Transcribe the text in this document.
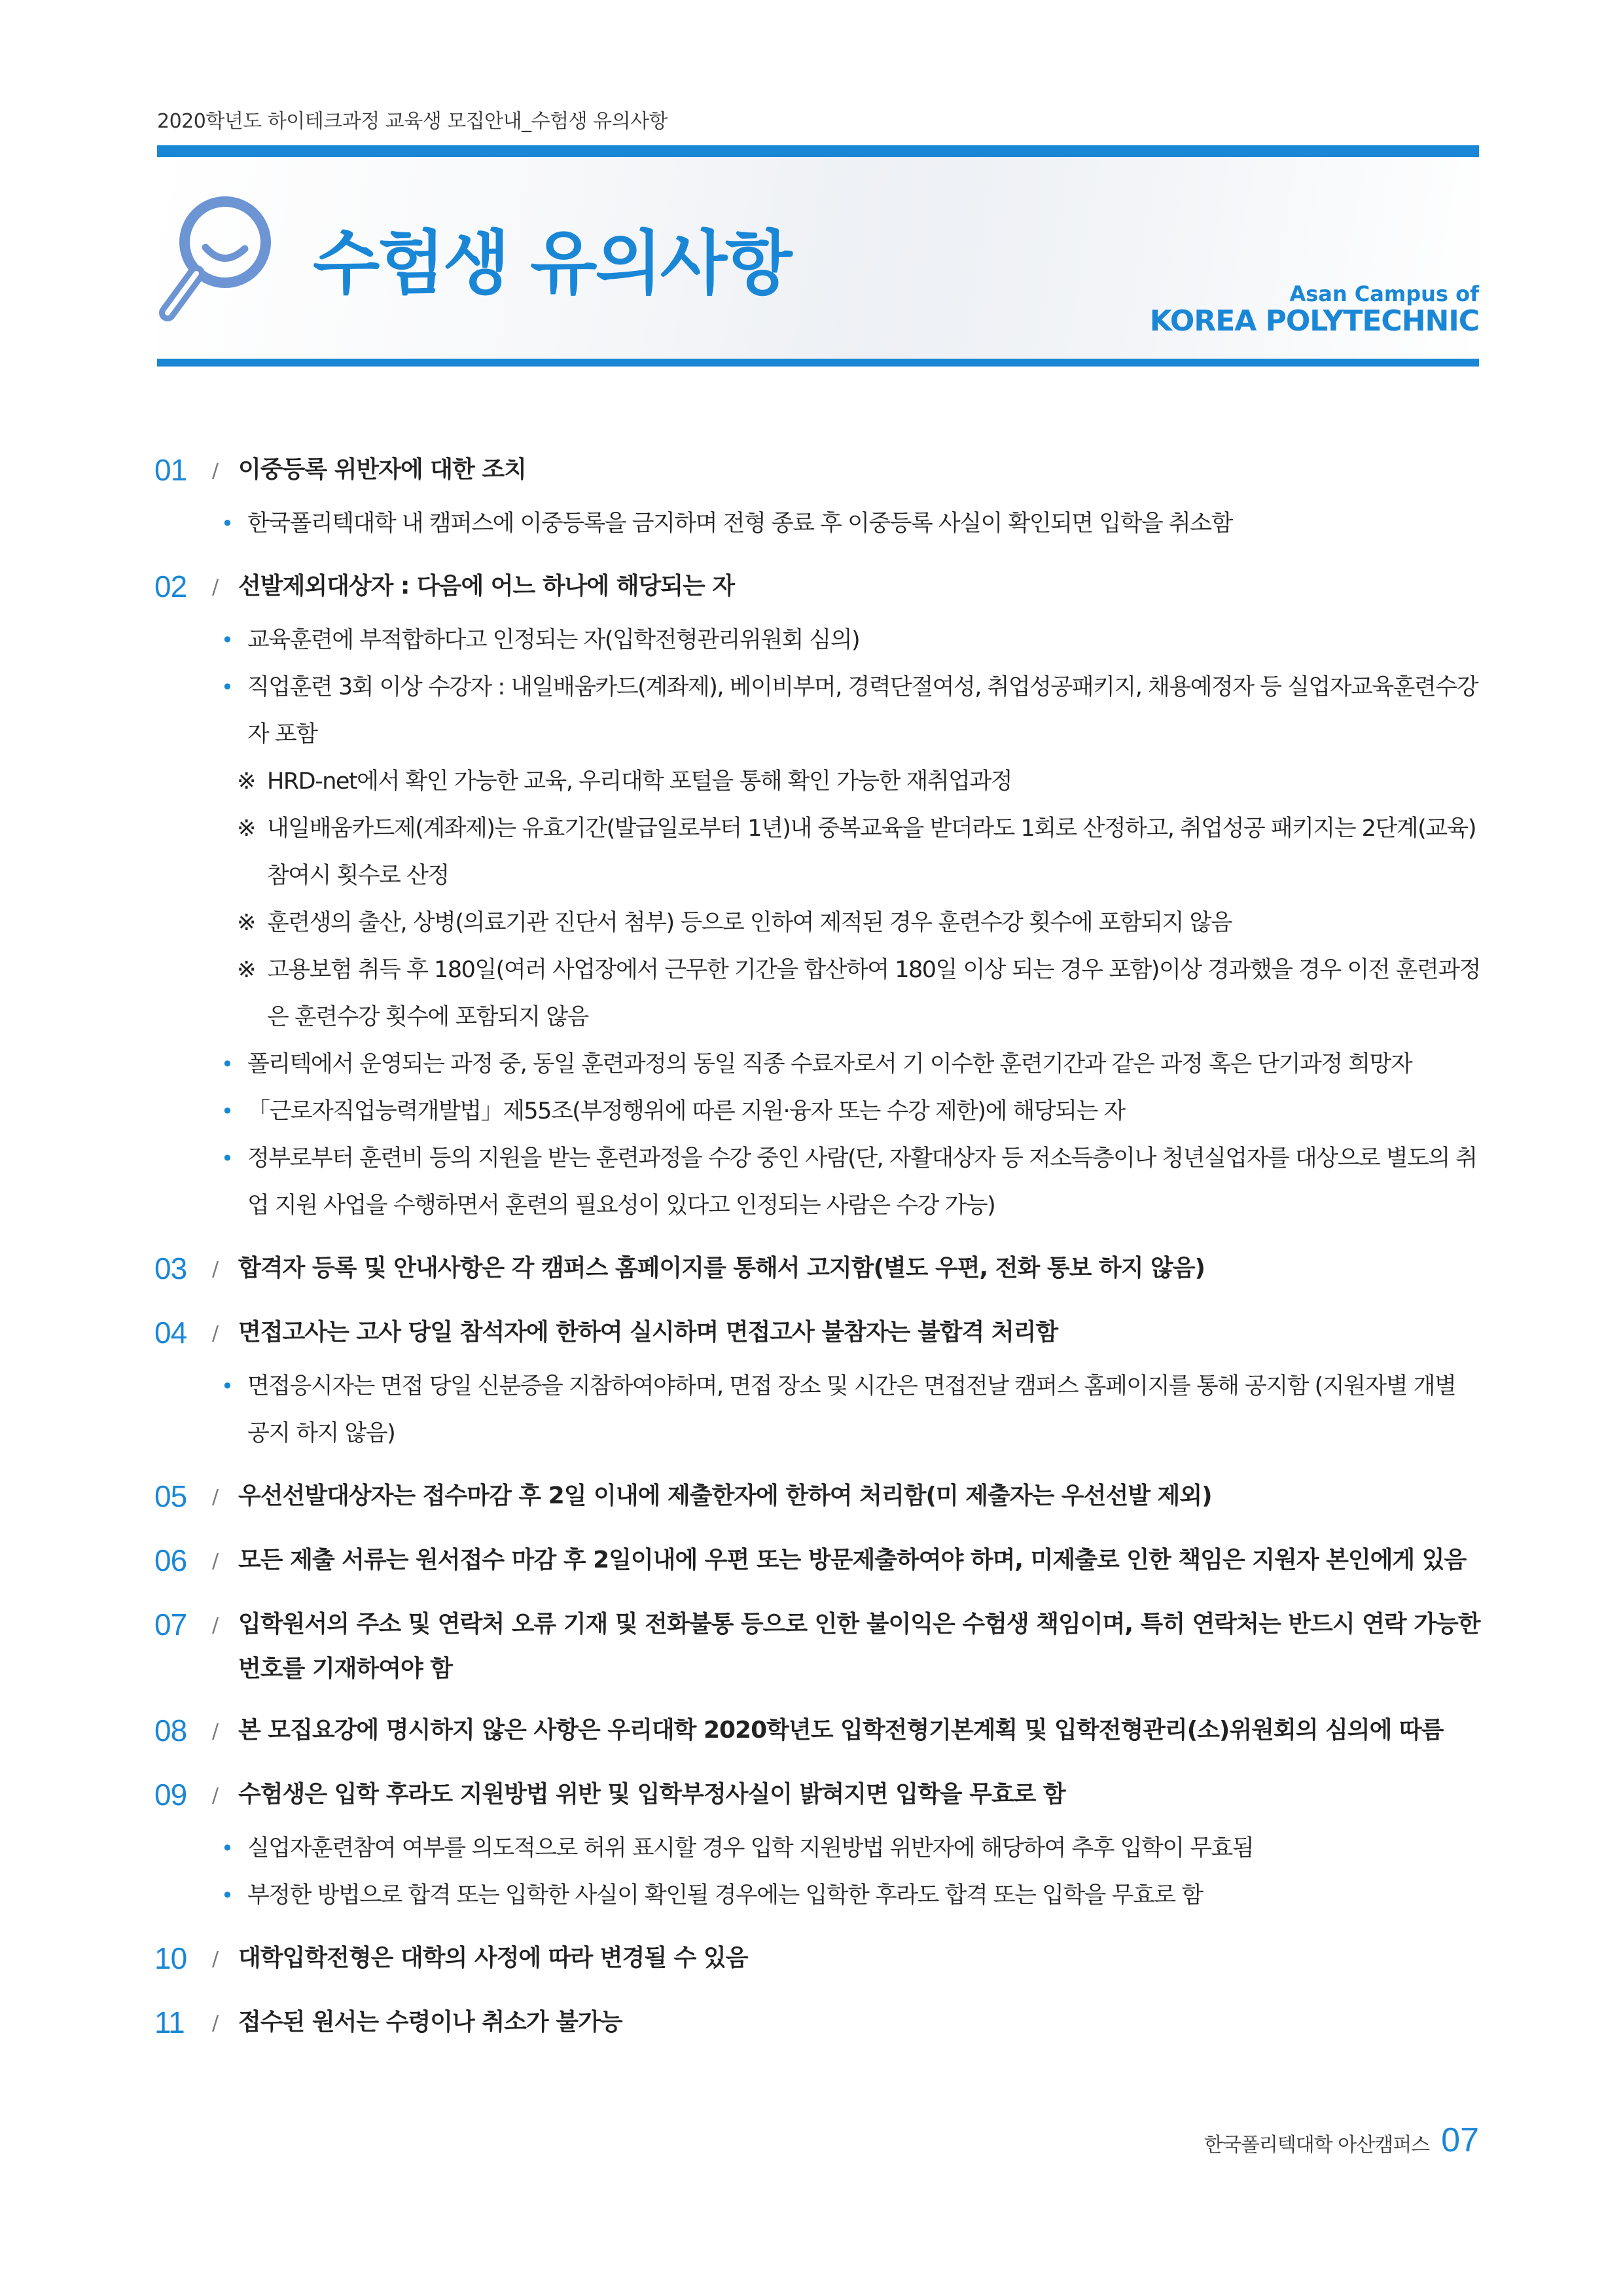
2020학년도 하이테크과정 교육생 모집안내_수험생 유의사항
수험생 유의사항	Asan Campus of
KOREA POLYTECHNIC
01	/ 이중등록 위반자에 대한 조치
• 한국폴리텍대학 내 캠퍼스에 이중등록을 금지하며 전형 종료 후 이중등록 사실이 확인되면 입학을 취소함
02	/ 선발제외대상자 : 다음에 어느 하나에 해당되는 자
• 교육훈련에 부적합하다고 인정되는 자(입학전형관리위원회 심의)
• 직업훈련 3회 이상 수강자 : 내일배움카드(계좌제), 베이비부머, 경력단절여성, 취업성공패키지, 채용예정자 등 실업자교육훈련수강자 포함
※ HRD-net에서 확인 가능한 교육, 우리대학 포털을 통해 확인 가능한 재취업과정
※ 내일배움카드제(계좌제)는 유효기간(발급일로부터 1년)내 중복교육을 받더라도 1회로 산정하고, 취업성공 패키지는 2단계(교육)참여시 횟수로 산정
※ 훈련생의 출산, 상병(의료기관 진단서 첨부) 등으로 인하여 제적된 경우 훈련수강 횟수에 포함되지 않음
※ 고용보험 취득 후 180일(여러 사업장에서 근무한 기간을 합산하여 180일 이상 되는 경우 포함)이상 경과했을 경우 이전 훈련과정은 훈련수강 횟수에 포함되지 않음
• 폴리텍에서 운영되는 과정 중, 동일 훈련과정의 동일 직종 수료자로서 기 이수한 훈련기간과 같은 과정 혹은 단기과정 희망자
• 「근로자직업능력개발법」제55조(부정행위에 따른 지원·융자 또는 수강 제한)에 해당되는 자
• 정부로부터 훈련비 등의 지원을 받는 훈련과정을 수강 중인 사람(단, 자활대상자 등 저소득층이나 청년실업자를 대상으로 별도의 취업 지원 사업을 수행하면서 훈련의 필요성이 있다고 인정되는 사람은 수강 가능)
03	/ 합격자 등록 및 안내사항은 각 캠퍼스 홈페이지를 통해서 고지함(별도 우편, 전화 통보 하지 않음)
04	/ 면접고사는 고사 당일 참석자에 한하여 실시하며 면접고사 불참자는 불합격 처리함
• 면접응시자는 면접 당일 신분증을 지참하여야하며, 면접 장소 및 시간은 면접전날 캠퍼스 홈페이지를 통해 공지함 (지원자별 개별 공지 하지 않음)
05	/ 우선선발대상자는 접수마감 후 2일 이내에 제출한자에 한하여 처리함(미 제출자는 우선선발 제외)
06	/ 모든 제출 서류는 원서접수 마감 후 2일이내에 우편 또는 방문제출하여야 하며, 미제출로 인한 책임은 지원자 본인에게 있음
07	/ 입학원서의 주소 및 연락처 오류 기재 및 전화불통 등으로 인한 불이익은 수험생 책임이며, 특히 연락처는 반드시 연락 가능한 번호를 기재하여야 함
08	/ 본 모집요강에 명시하지 않은 사항은 우리대학 2020학년도 입학전형기본계획 및 입학전형관리(소)위원회의 심의에 따름
09	/ 수험생은 입학 후라도 지원방법 위반 및 입학부정사실이 밝혀지면 입학을 무효로 함
• 실업자훈련참여 여부를 의도적으로 허위 표시할 경우 입학 지원방법 위반자에 해당하여 추후 입학이 무효됨
• 부정한 방법으로 합격 또는 입학한 사실이 확인될 경우에는 입학한 후라도 합격 또는 입학을 무효로 함
10	/ 대학입학전형은 대학의 사정에 따라 변경될 수 있음
11	/ 접수된 원서는 수령이나 취소가 불가능
한국폴리텍대학 아산캠퍼스 07
